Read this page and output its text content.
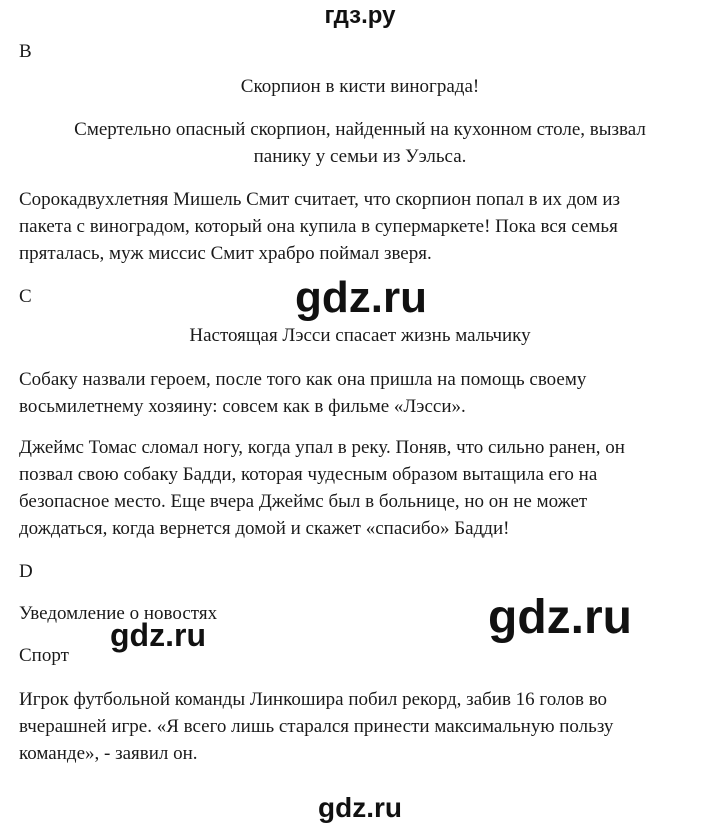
гдз.ру
B
Скорпион в кисти винограда!
Смертельно опасный скорпион, найденный на кухонном столе, вызвал
панику у семьи из Уэльса.
Сорокадвухлетняя Мишель Смит считает, что скорпион попал в их дом из
пакета с виноградом, который она купила в супермаркете! Пока вся семья
пряталась, муж миссис Смит храбро поймал зверя.
C	gdz.ru
Настоящая Лэсси спасает жизнь мальчику
Собаку назвали героем, после того как она пришла на помощь своему
восьмилетнему хозяину: совсем как в фильме «Лэсси».
Джеймс Томас сломал ногу, когда упал в реку. Поняв, что сильно ранен, он
позвал свою собаку Бадди, которая чудесным образом вытащила его на
безопасное место. Еще вчера Джеймс был в больнице, но он не может
дождаться, когда вернется домой и скажет «спасибо» Бадди!
D
Уведомление о новостях
gdz.ru	gdz.ru
Спорт
Игрок футбольной команды Линкошира побил рекорд, забив 16 голов во
вчерашней игре. «Я всего лишь старался принести максимальную пользу
команде», - заявил он.
gdz.ru
